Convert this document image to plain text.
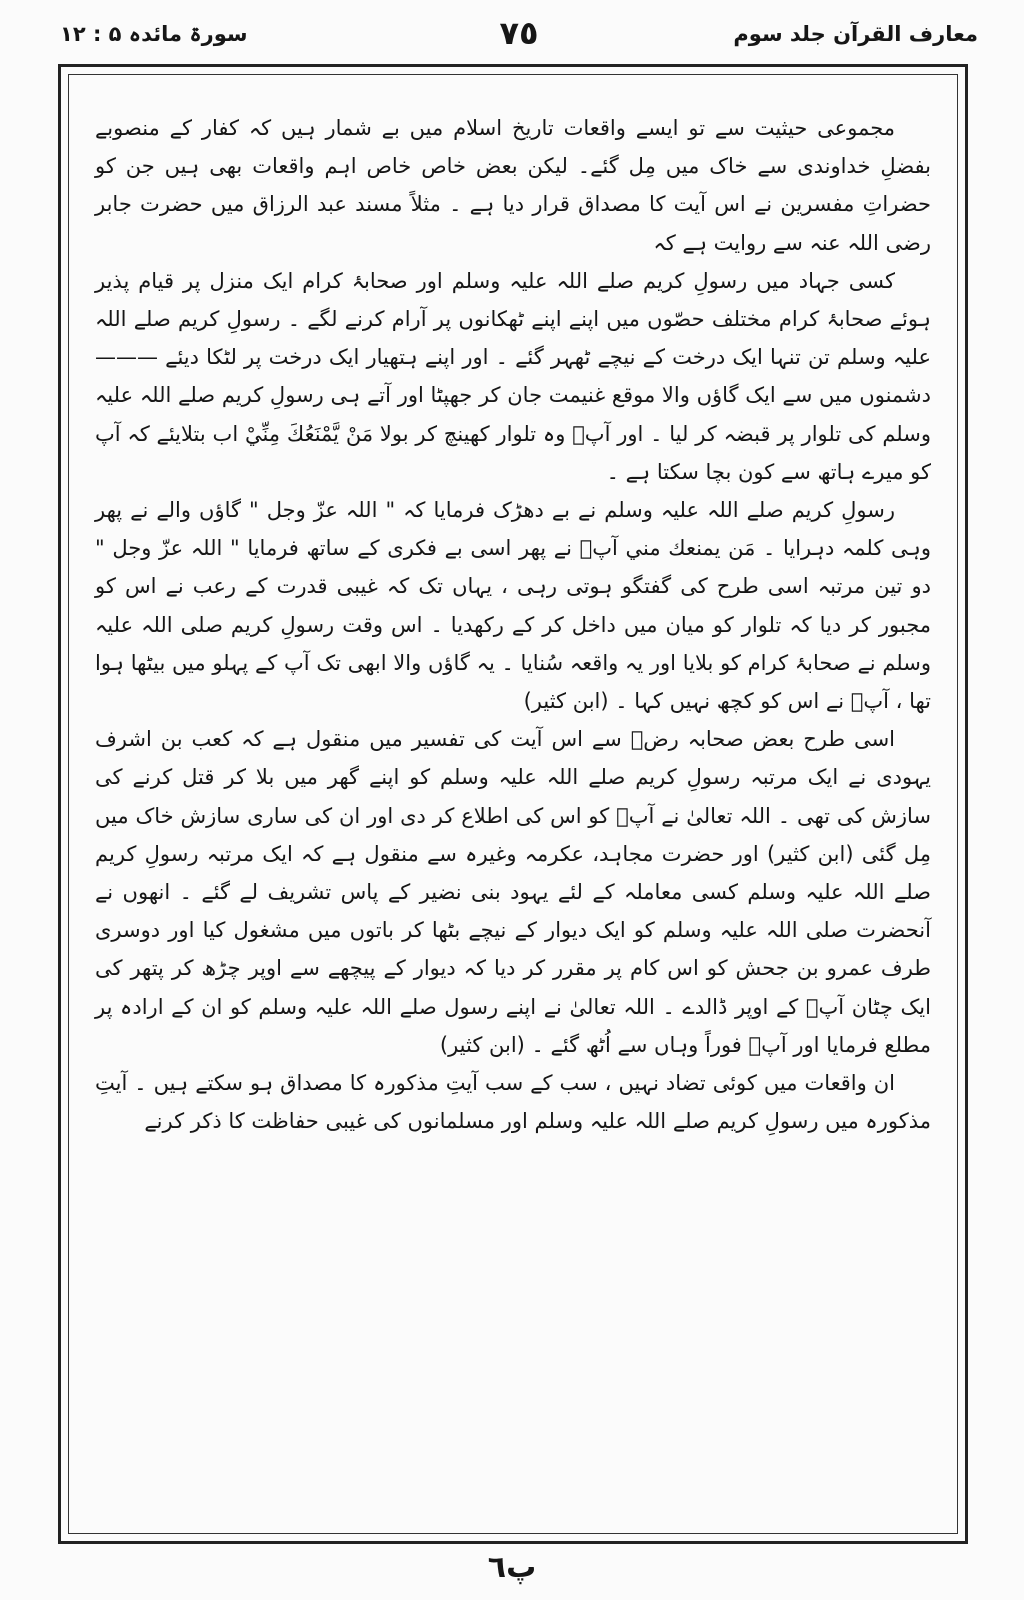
معارف القرآن جلد سوم
٧٥
سورۃ مائدہ ۵ : ۱۲

مجموعی حیثیت سے تو ایسے واقعات تاریخ اسلام میں بے شمار ہیں کہ کفار کے منصوبے بفضلِ خداوندی سے خاک میں مِل گئے۔ لیکن بعض خاص خاص اہم واقعات بھی ہیں جن کو حضراتِ مفسرین نے اس آیت کا مصداق قرار دیا ہے ۔ مثلاً مسند عبد الرزاق میں حضرت جابر رضی اللہ عنہ سے روایت ہے کہ

کسی جہاد میں رسولِ کریم صلے اللہ علیہ وسلم اور صحابۂ کرام ایک منزل پر قیام پذیر ہوئے صحابۂ کرام مختلف حصّوں میں اپنے اپنے ٹھکانوں پر آرام کرنے لگے ۔ رسولِ کریم صلے اللہ علیہ وسلم تن تنہا ایک درخت کے نیچے ٹھہر گئے ۔ اور اپنے ہتھیار ایک درخت پر لٹکا دیئے ——— دشمنوں میں سے ایک گاؤں والا موقع غنیمت جان کر جھپٹا اور آتے ہی رسولِ کریم صلے اللہ علیہ وسلم کی تلوار پر قبضہ کر لیا ۔ اور آپؐ وہ تلوار کھینچ کر بولا مَنْ يَّمْنَعُكَ مِنِّيْ اب بتلایئے کہ آپ کو میرے ہاتھ سے کون بچا سکتا ہے ۔

رسولِ کریم صلے اللہ علیہ وسلم نے بے دھڑک فرمایا کہ " اللہ عزّ وجل " گاؤں والے نے پھر وہی کلمہ دہرایا ۔ مَن يمنعك مني آپؐ نے پھر اسی بے فکری کے ساتھ فرمایا " اللہ عزّ وجل " دو تین مرتبہ اسی طرح کی گفتگو ہوتی رہی ، یہاں تک کہ غیبی قدرت کے رعب نے اس کو مجبور کر دیا کہ تلوار کو میان میں داخل کر کے رکھدیا ۔ اس وقت رسولِ کریم صلی اللہ علیہ وسلم نے صحابۂ کرام کو بلایا اور یہ واقعہ سُنایا ۔ یہ گاؤں والا ابھی تک آپ کے پہلو میں بیٹھا ہوا تھا ، آپؐ نے اس کو کچھ نہیں کہا ۔ (ابن کثیر)

اسی طرح بعض صحابہ رضؓ سے اس آیت کی تفسیر میں منقول ہے کہ کعب بن اشرف یہودی نے ایک مرتبہ رسولِ کریم صلے اللہ علیہ وسلم کو اپنے گھر میں بلا کر قتل کرنے کی سازش کی تھی ۔ اللہ تعالیٰ نے آپؐ کو اس کی اطلاع کر دی اور ان کی ساری سازش خاک میں مِل گئی (ابن کثیر) اور حضرت مجاہد، عکرمہ وغیرہ سے منقول ہے کہ ایک مرتبہ رسولِ کریم صلے اللہ علیہ وسلم کسی معاملہ کے لئے یہود بنی نضیر کے پاس تشریف لے گئے ۔ انھوں نے آنحضرت صلی اللہ علیہ وسلم کو ایک دیوار کے نیچے بٹھا کر باتوں میں مشغول کیا اور دوسری طرف عمرو بن جحش کو اس کام پر مقرر کر دیا کہ دیوار کے پیچھے سے اوپر چڑھ کر پتھر کی ایک چٹان آپؐ کے اوپر ڈالدے ۔ اللہ تعالیٰ نے اپنے رسول صلے اللہ علیہ وسلم کو ان کے ارادہ پر مطلع فرمایا اور آپؐ فوراً وہاں سے اُٹھ گئے ۔ (ابن کثیر)

ان واقعات میں کوئی تضاد نہیں ، سب کے سب آیتِ مذکورہ کا مصداق ہو سکتے ہیں ۔ آیتِ مذکورہ میں رسولِ کریم صلے اللہ علیہ وسلم اور مسلمانوں کی غیبی حفاظت کا ذکر کرنے

پ٦
